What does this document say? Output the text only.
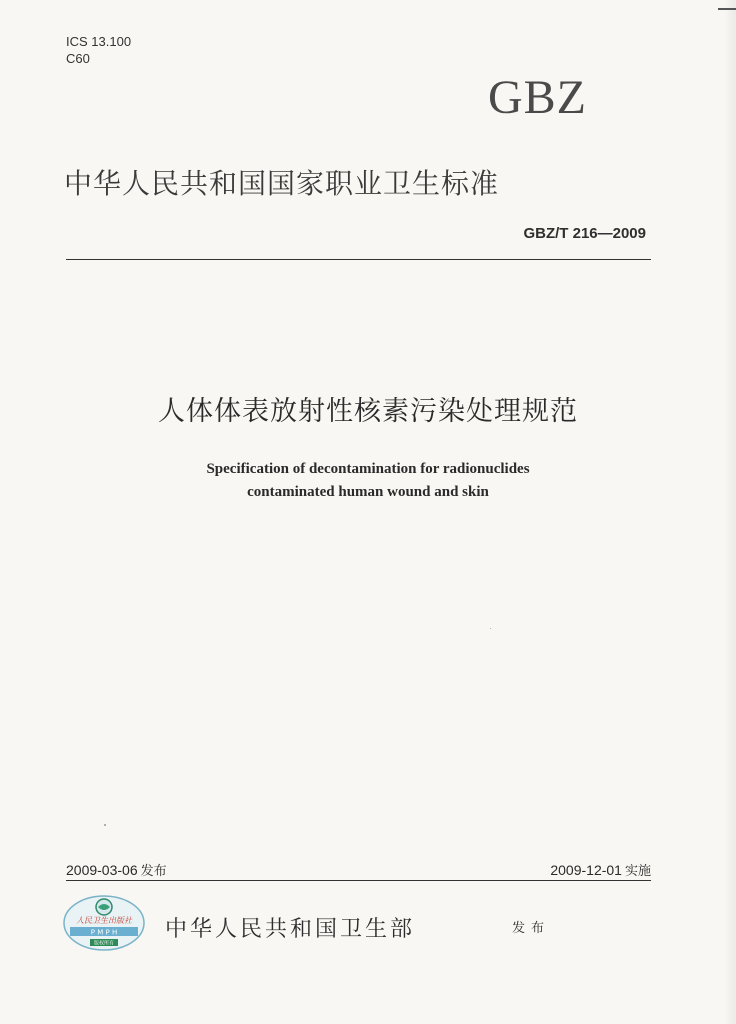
ICS 13.100
C60
GBZ
中华人民共和国国家职业卫生标准
GBZ/T 216—2009
人体体表放射性核素污染处理规范
Specification of decontamination for radionuclides
contaminated human wound and skin
2009-03-06 发布	2009-12-01 实施
人民卫生出版社
P M P H
版权所有
中华人民共和国卫生部	发布
